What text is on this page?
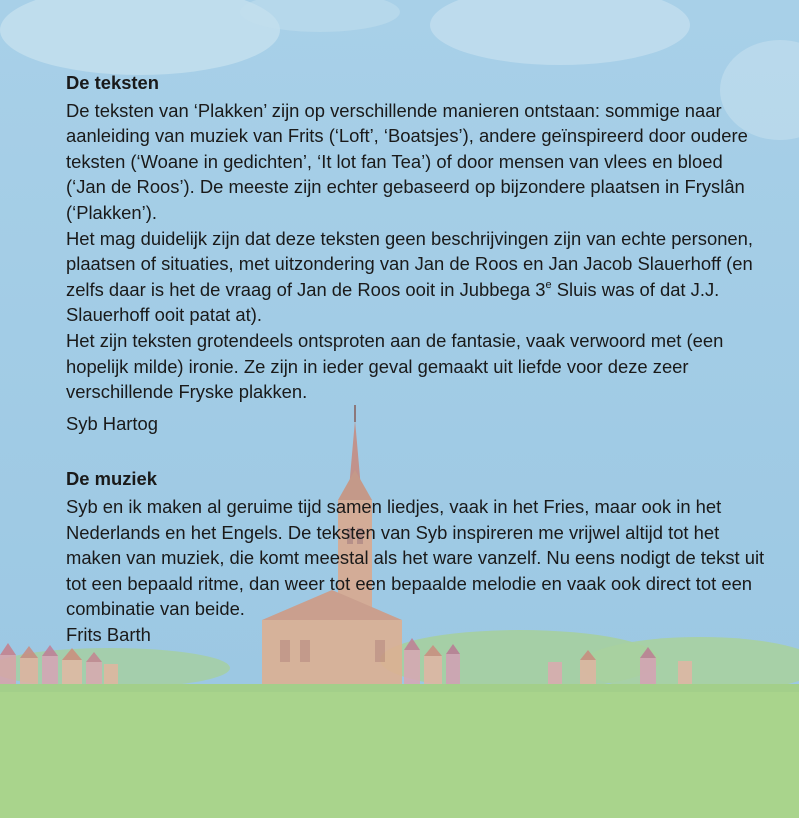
De teksten

De teksten van ‘Plakken’ zijn op verschillende manieren ontstaan: sommige naar aanleiding van muziek van Frits (‘Loft’, ‘Boatsjes’), andere geïnspireerd door oudere teksten (‘Woane in gedichten’, ‘It lot fan Tea’) of door mensen van vlees en bloed (‘Jan de Roos’). De meeste zijn echter gebaseerd op bijzondere plaatsen in Fryslân (‘Plakken’).

Het mag duidelijk zijn dat deze teksten geen beschrijvingen zijn van echte personen, plaatsen of situaties, met uitzondering van Jan de Roos en Jan Jacob Slauerhoff (en zelfs daar is het de vraag of Jan de Roos ooit in Jubbega 3e Sluis was of dat J.J. Slauerhoff ooit patat at).

Het zijn teksten grotendeels ontsproten aan de fantasie, vaak verwoord met (een hopelijk milde) ironie. Ze zijn in ieder geval gemaakt uit liefde voor deze zeer verschillende Fryske plakken.

Syb Hartog

De muziek

Syb en ik maken al geruime tijd samen liedjes, vaak in het Fries, maar ook in het Nederlands en het Engels. De teksten van Syb inspireren me vrijwel altijd tot het maken van muziek, die komt meestal als het ware vanzelf. Nu eens nodigt de tekst uit tot een bepaald ritme, dan weer tot een bepaalde melodie en vaak ook direct tot een combinatie van beide.

Frits Barth
